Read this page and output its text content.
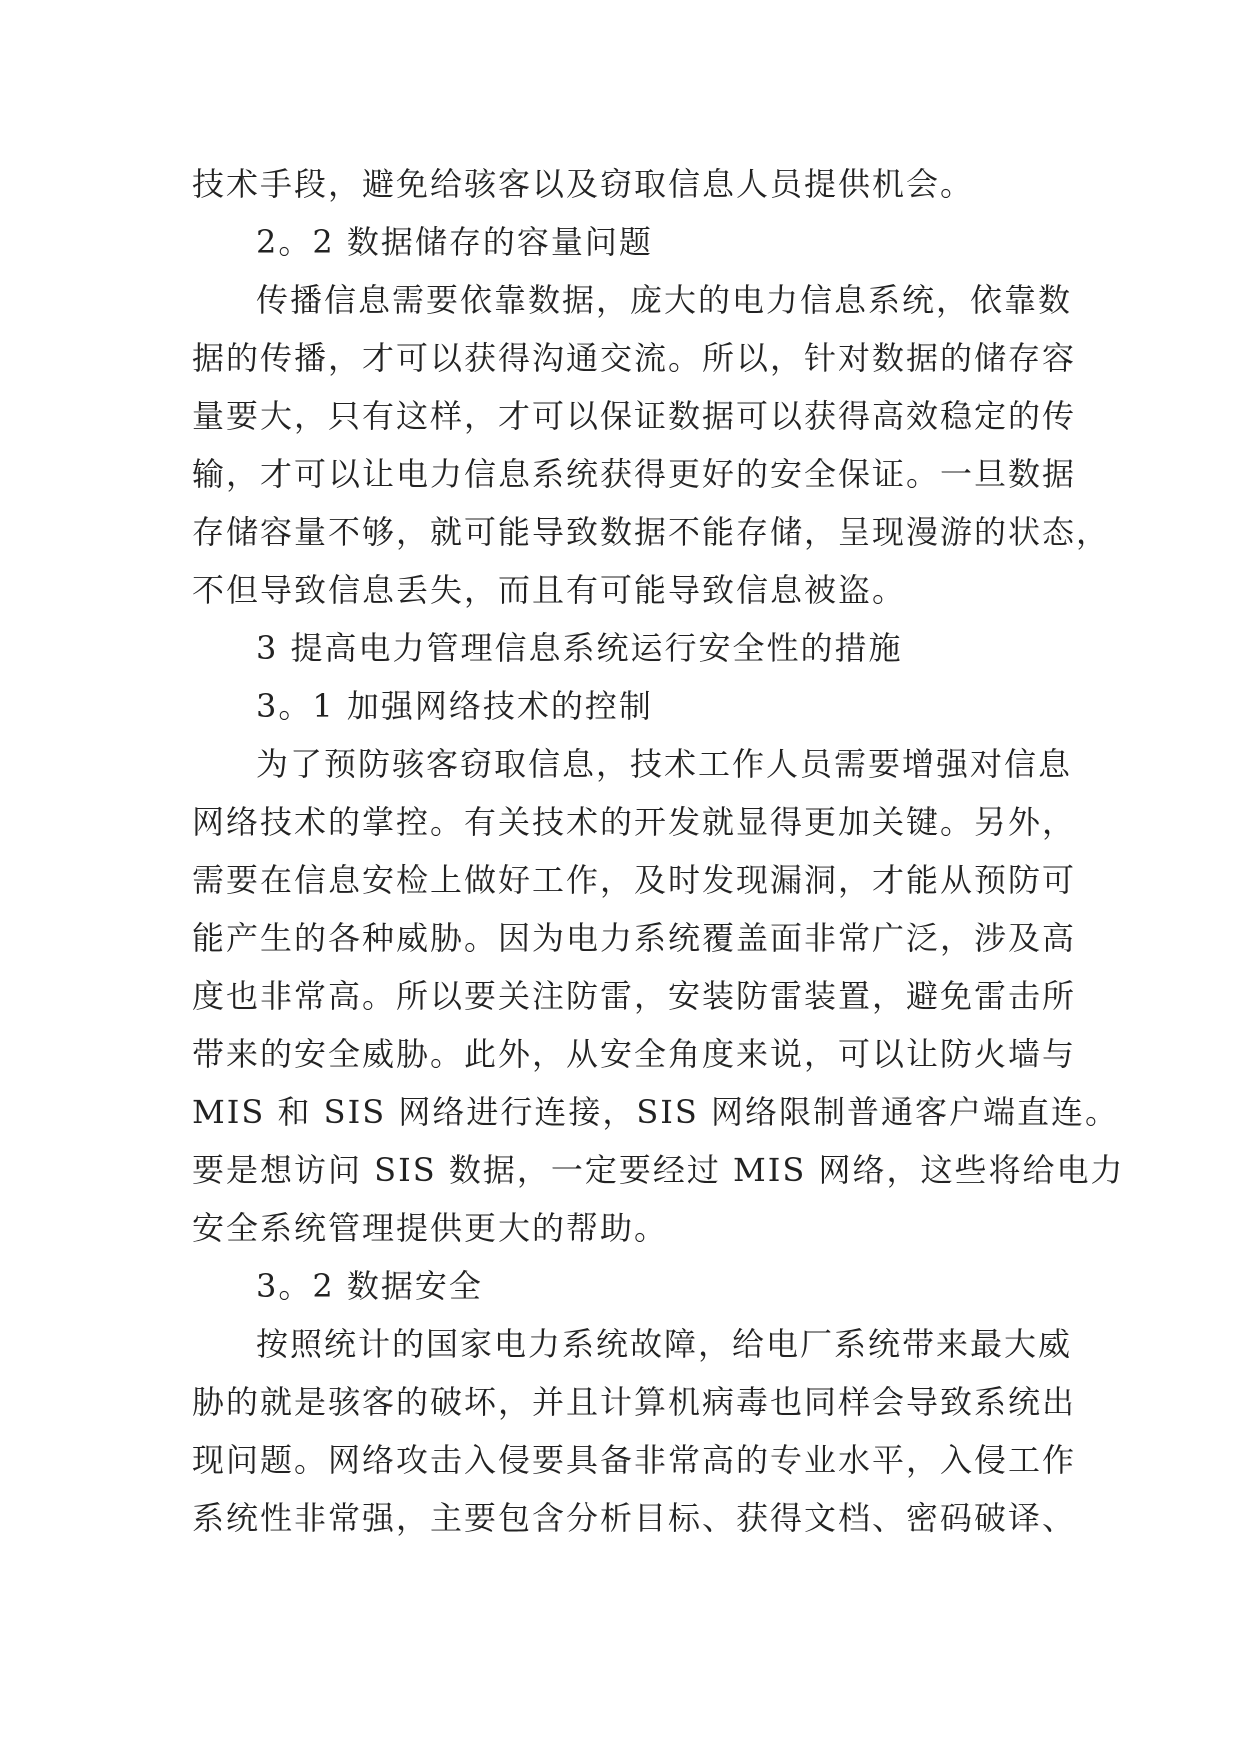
技术手段，避免给骇客以及窃取信息人员提供机会。
2。2 数据储存的容量问题
传播信息需要依靠数据，庞大的电力信息系统，依靠数
据的传播，才可以获得沟通交流。所以，针对数据的储存容
量要大，只有这样，才可以保证数据可以获得高效稳定的传
输，才可以让电力信息系统获得更好的安全保证。一旦数据
存储容量不够，就可能导致数据不能存储，呈现漫游的状态，
不但导致信息丢失，而且有可能导致信息被盗。
3 提高电力管理信息系统运行安全性的措施
3。1 加强网络技术的控制
为了预防骇客窃取信息，技术工作人员需要增强对信息
网络技术的掌控。有关技术的开发就显得更加关键。另外，
需要在信息安检上做好工作，及时发现漏洞，才能从预防可
能产生的各种威胁。因为电力系统覆盖面非常广泛，涉及高
度也非常高。所以要关注防雷，安装防雷装置，避免雷击所
带来的安全威胁。此外，从安全角度来说，可以让防火墙与
MIS 和 SIS 网络进行连接，SIS 网络限制普通客户端直连。
要是想访问 SIS 数据，一定要经过 MIS 网络，这些将给电力
安全系统管理提供更大的帮助。
3。2 数据安全
按照统计的国家电力系统故障，给电厂系统带来最大威
胁的就是骇客的破坏，并且计算机病毒也同样会导致系统出
现问题。网络攻击入侵要具备非常高的专业水平，入侵工作
系统性非常强，主要包含分析目标、获得文档、密码破译、
